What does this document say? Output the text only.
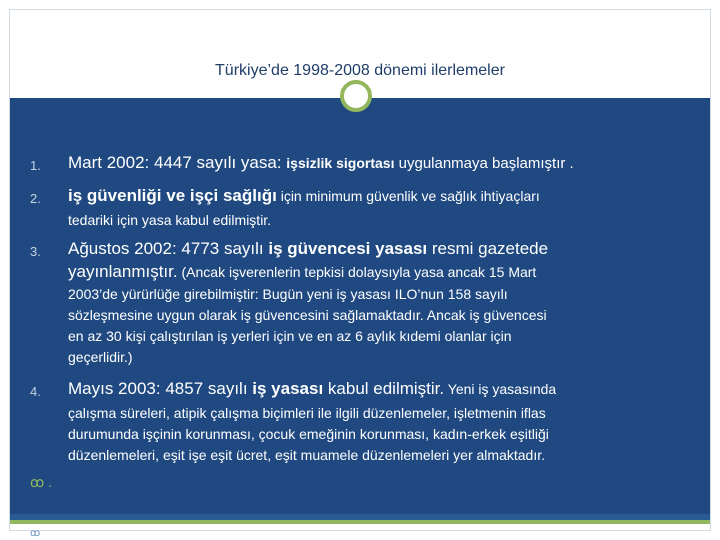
Türkiye’de 1998-2008 dönemi ilerlemeler
1. Mart 2002: 4447 sayılı yasa: işsizlik sigortası uygulanmaya başlamıştır .
2. iş güvenliği ve işçi sağlığı için minimum güvenlik ve sağlık ihtiyaçları
tedariki için yasa kabul edilmiştir.
3. Ağustos 2002: 4773 sayılı iş güvencesi yasası resmi gazetede
yayınlanmıştır. (Ancak işverenlerin tepkisi dolaysıyla yasa ancak 15 Mart
2003’de yürürlüğe girebilmiştir: Bugün yeni iş yasası ILO’nun 158 sayılı
sözleşmesine uygun olarak iş güvencesini sağlamaktadır. Ancak iş güvencesi
en az 30 kişi çalıştırılan iş yerleri için ve en az 6 aylık kıdemi olanlar için
geçerlidir.)
4. Mayıs 2003: 4857 sayılı iş yasası kabul edilmiştir. Yeni iş yasasında
çalışma süreleri, atipik çalışma biçimleri ile ilgili düzenlemeler, işletmenin iflas
durumunda işçinin korunması, çocuk emeğinin korunması, kadın-erkek eşitliği
düzenlemeleri, eşit işe eşit ücret, eşit muamele düzenlemeleri yer almaktadır.
ꝏ .
ꝏ
